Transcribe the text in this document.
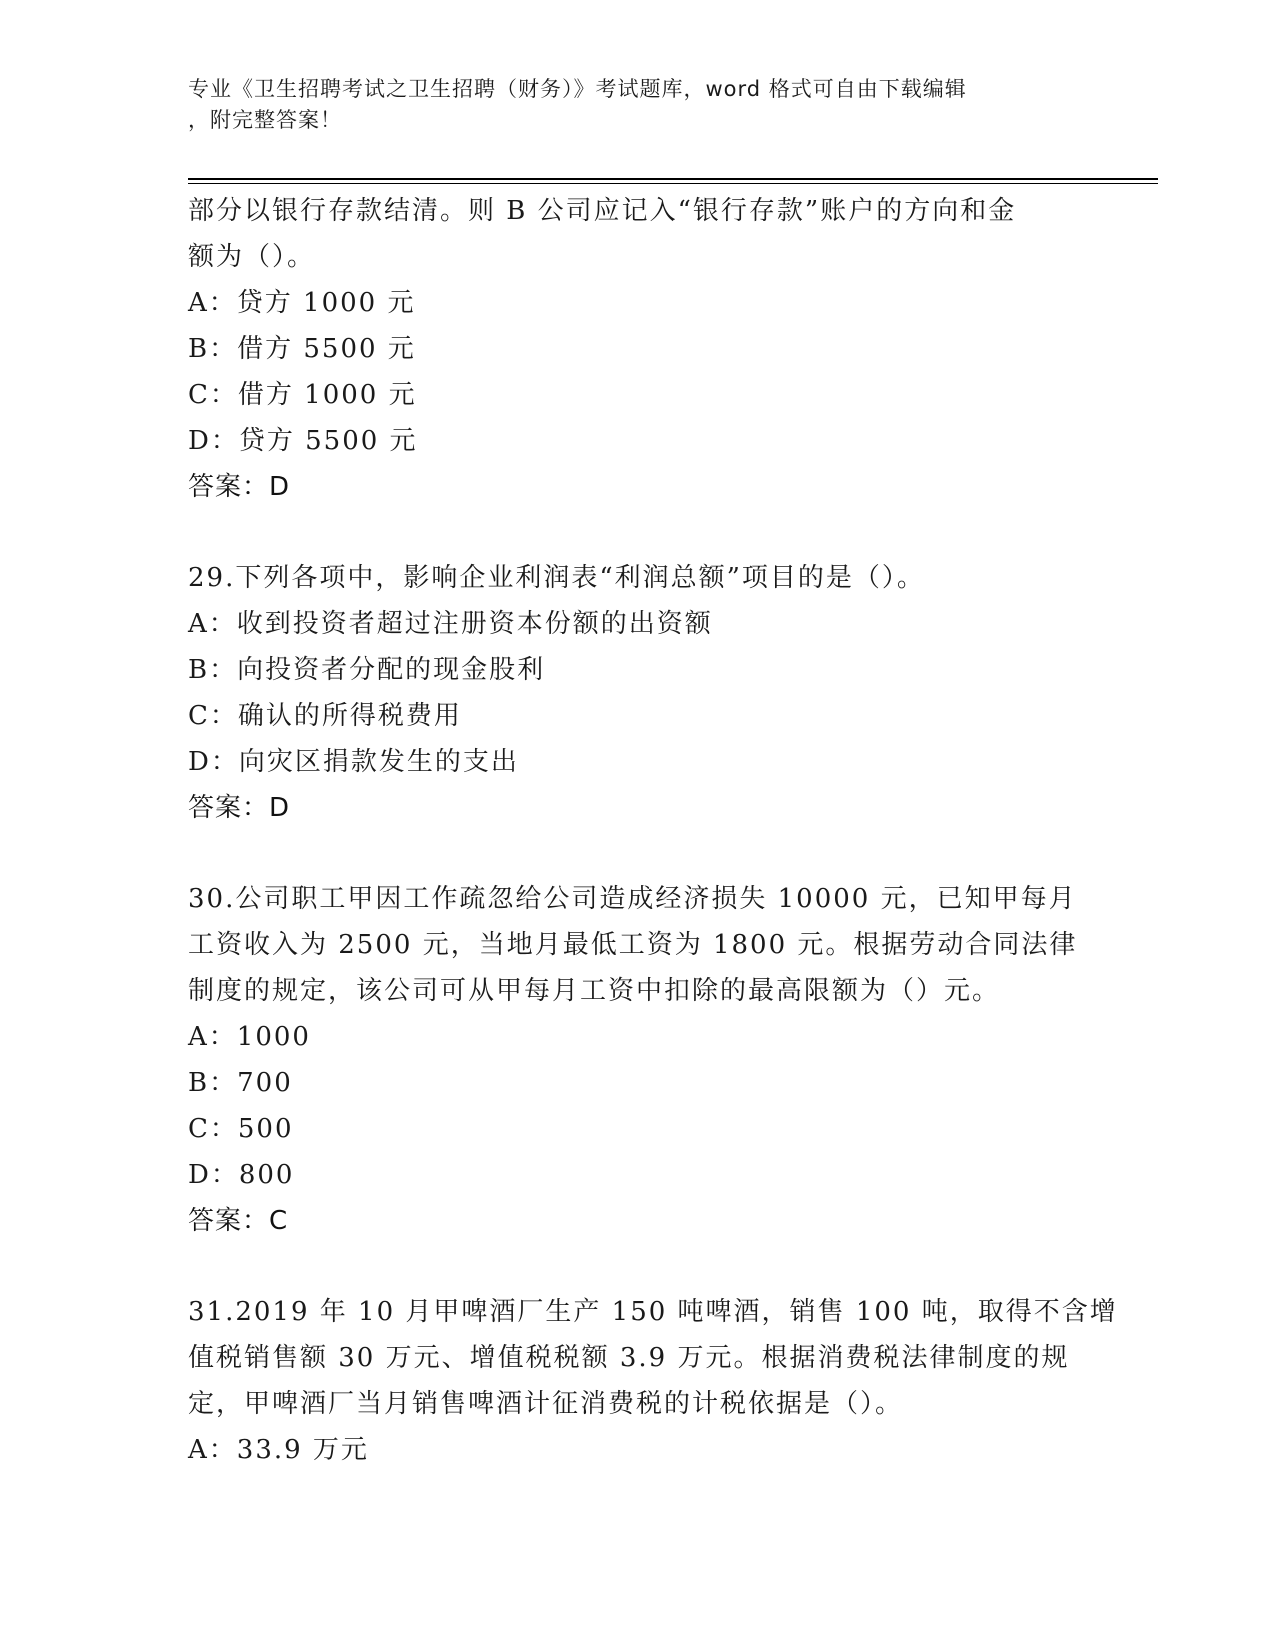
专业《卫生招聘考试之卫生招聘（财务）》考试题库，word 格式可自由下载编辑
，附完整答案！
部分以银行存款结清。则 B 公司应记入“银行存款”账户的方向和金
额为（）。
A：贷方 1000 元
B：借方 5500 元
C：借方 1000 元
D：贷方 5500 元
答案：D
29.下列各项中，影响企业利润表“利润总额”项目的是（）。
A：收到投资者超过注册资本份额的出资额
B：向投资者分配的现金股利
C：确认的所得税费用
D：向灾区捐款发生的支出
答案：D
30.公司职工甲因工作疏忽给公司造成经济损失 10000 元，已知甲每月
工资收入为 2500 元，当地月最低工资为 1800 元。根据劳动合同法律
制度的规定，该公司可从甲每月工资中扣除的最高限额为（）元。
A：1000
B：700
C：500
D：800
答案：C
31.2019 年 10 月甲啤酒厂生产 150 吨啤酒，销售 100 吨，取得不含增
值税销售额 30 万元、增值税税额 3.9 万元。根据消费税法律制度的规
定，甲啤酒厂当月销售啤酒计征消费税的计税依据是（）。
A：33.9 万元
